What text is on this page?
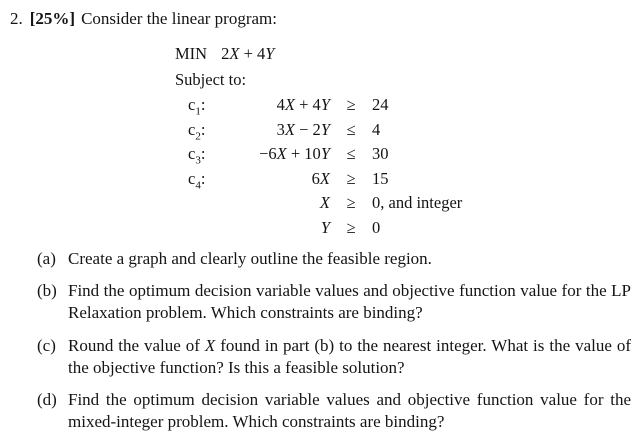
2. [25%] Consider the linear program:
MIN 2X + 4Y
Subject to:
$c_1$:	4X + 4Y ≥ 24
$c_2$:	3X − 2Y ≤ 4
$c_3$:	−6X + 10Y ≤ 30
$c_4$:	6X ≥ 15
X ≥ 0, and integer
Y ≥ 0
(a) Create a graph and clearly outline the feasible region.
(b) Find the optimum decision variable values and objective function value for the LP Relaxation problem. Which constraints are binding?
(c) Round the value of X found in part (b) to the nearest integer. What is the value of the objective function? Is this a feasible solution?
(d) Find the optimum decision variable values and objective function value for the mixed-integer problem. Which constraints are binding?
